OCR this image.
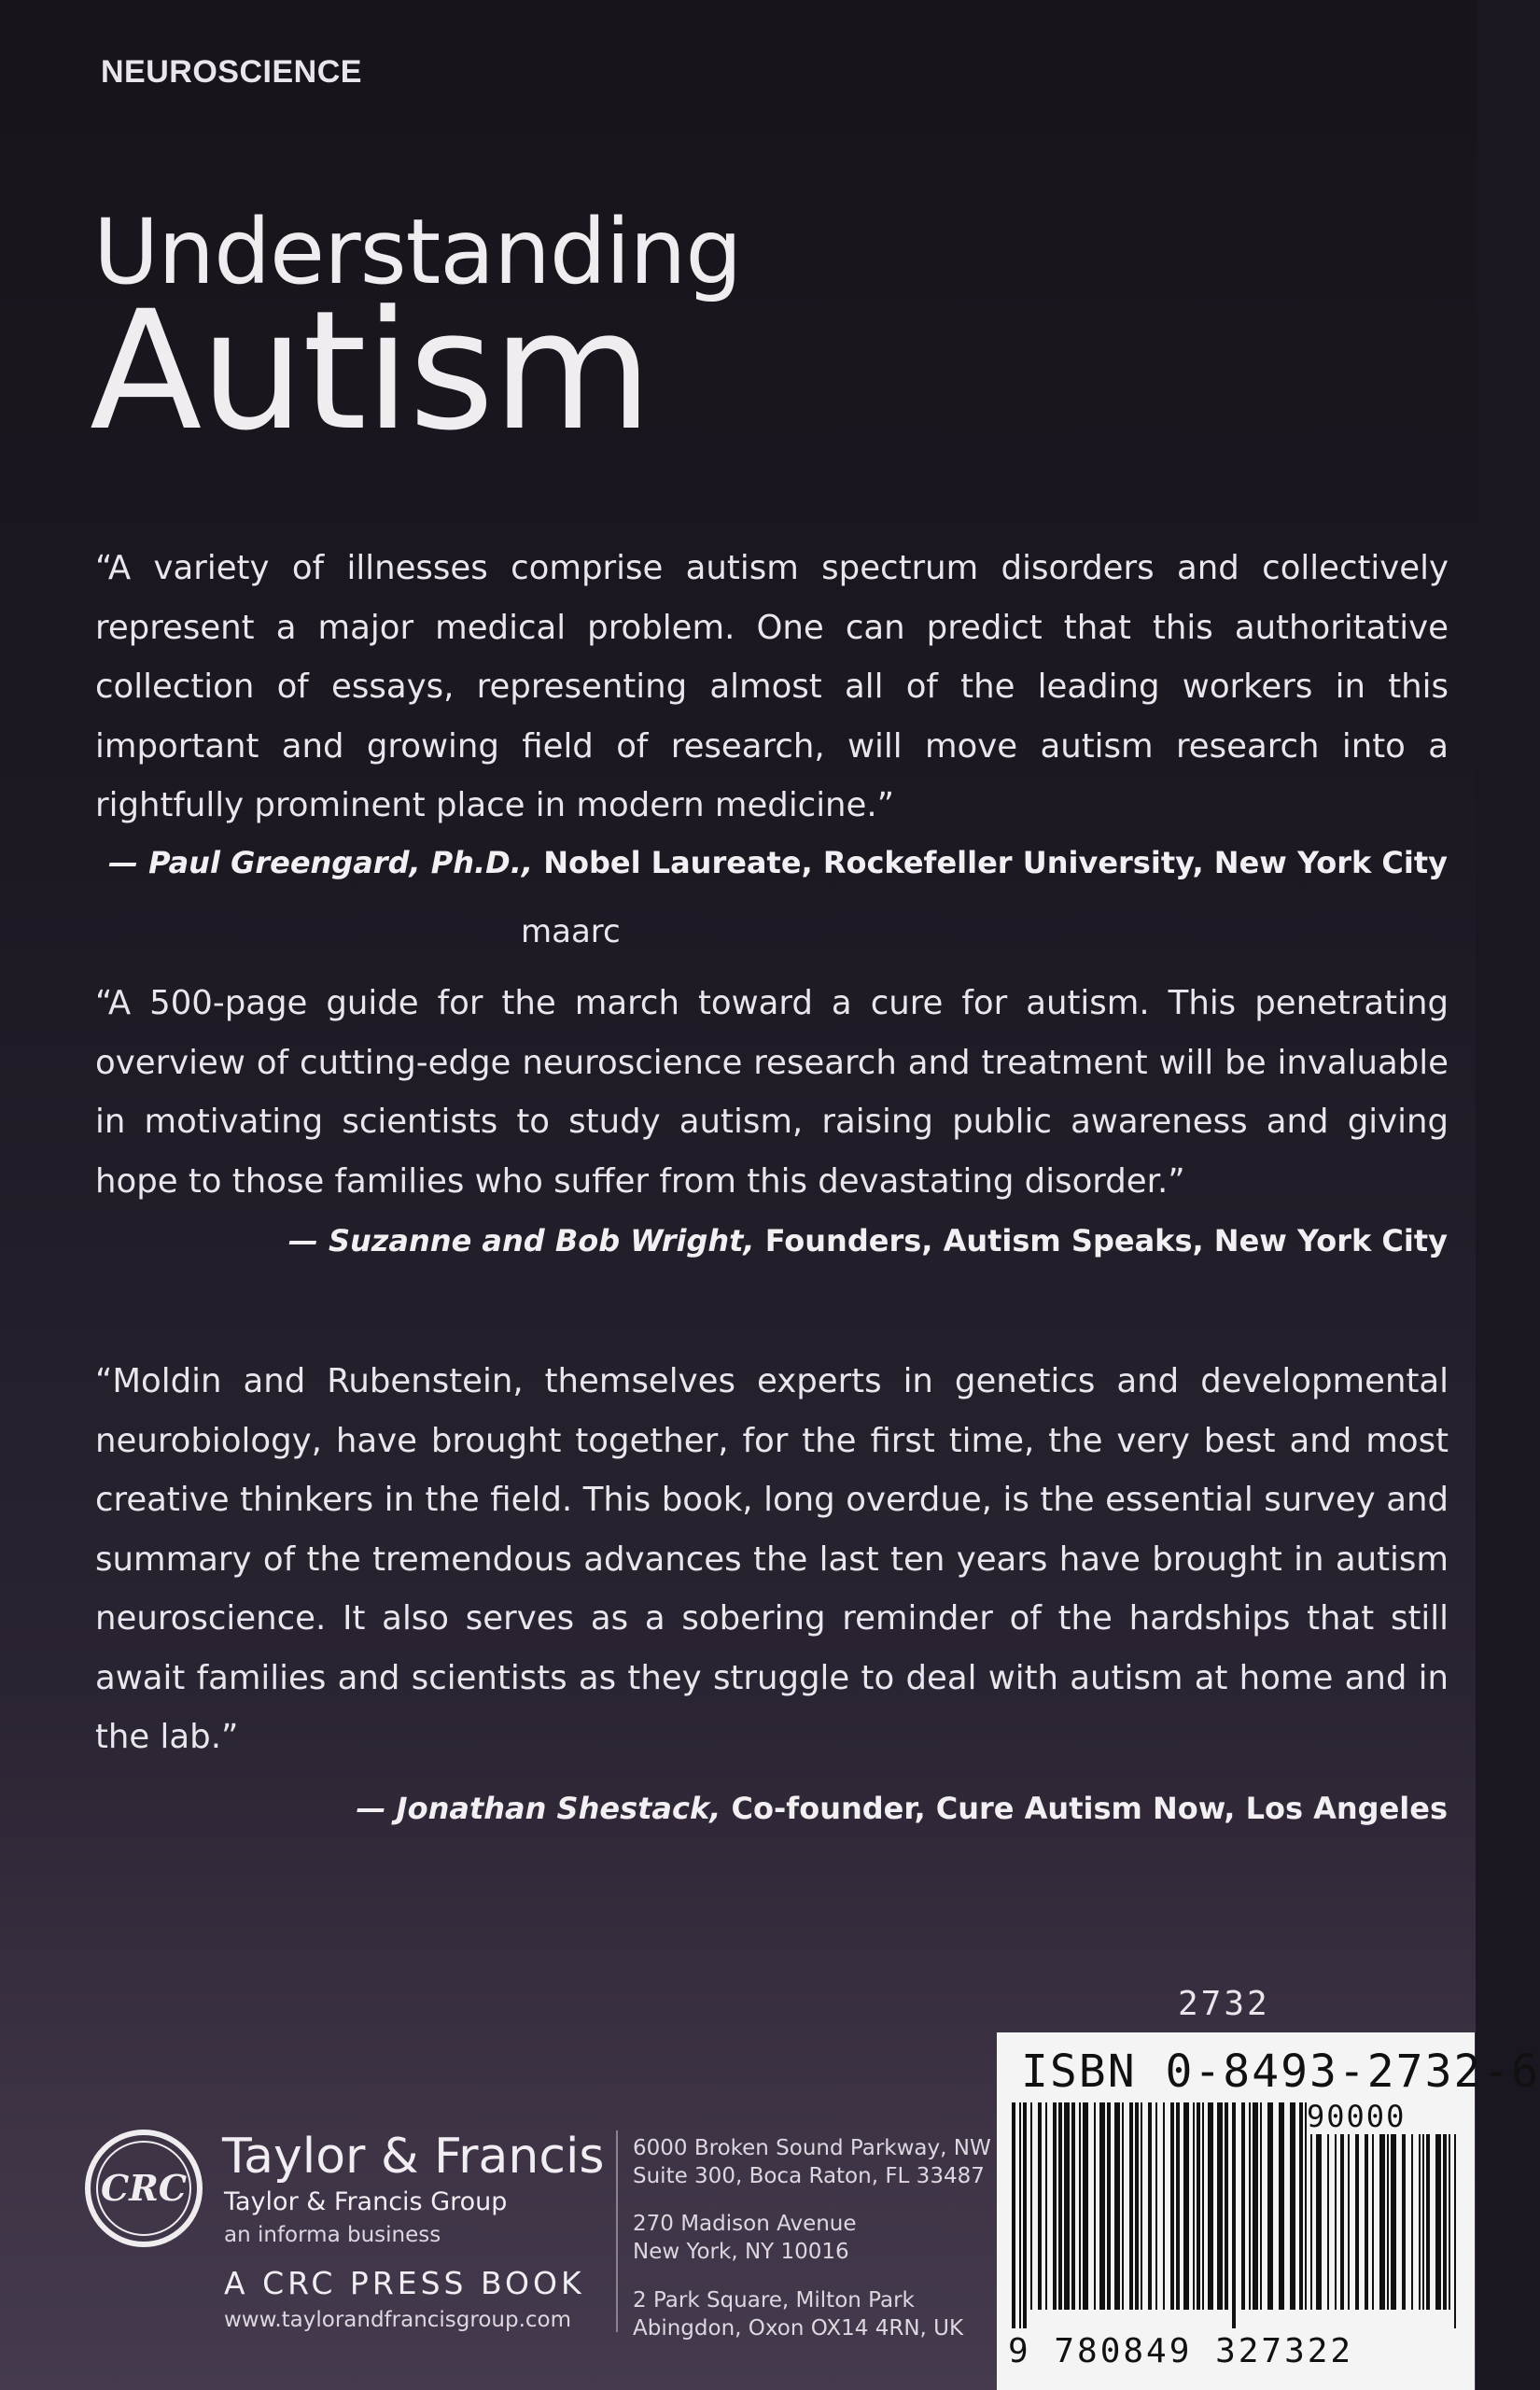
NEUROSCIENCE
Understanding
Autism
“A variety of illnesses comprise autism spectrum disorders and collectively represent a major medical problem. One can predict that this authoritative collection of essays, representing almost all of the leading workers in this important and growing field of research, will move autism research into a rightfully prominent place in modern medicine.”
— Paul Greengard, Ph.D., Nobel Laureate, Rockefeller University, New York City
maarc
“A 500-page guide for the march toward a cure for autism. This penetrating overview of cutting-edge neuroscience research and treatment will be invaluable in motivating scientists to study autism, raising public awareness and giving hope to those families who suffer from this devastating disorder.”
— Suzanne and Bob Wright, Founders, Autism Speaks, New York City
“Moldin and Rubenstein, themselves experts in genetics and developmental neurobiology, have brought together, for the first time, the very best and most creative thinkers in the field. This book, long overdue, is the essential survey and summary of the tremendous advances the last ten years have brought in autism neuroscience. It also serves as a sobering reminder of the hardships that still await families and scientists as they struggle to deal with autism at home and in the lab.”
— Jonathan Shestack, Co-founder, Cure Autism Now, Los Angeles
2732
ISBN 0-8493-2732-6
90000
9 780849 327322
CRC
Taylor & Francis
Taylor & Francis Group
an informa business
A CRC PRESS BOOK
www.taylorandfrancisgroup.com
6000 Broken Sound Parkway, NW
Suite 300, Boca Raton, FL 33487
270 Madison Avenue
New York, NY 10016
2 Park Square, Milton Park
Abingdon, Oxon OX14 4RN, UK
